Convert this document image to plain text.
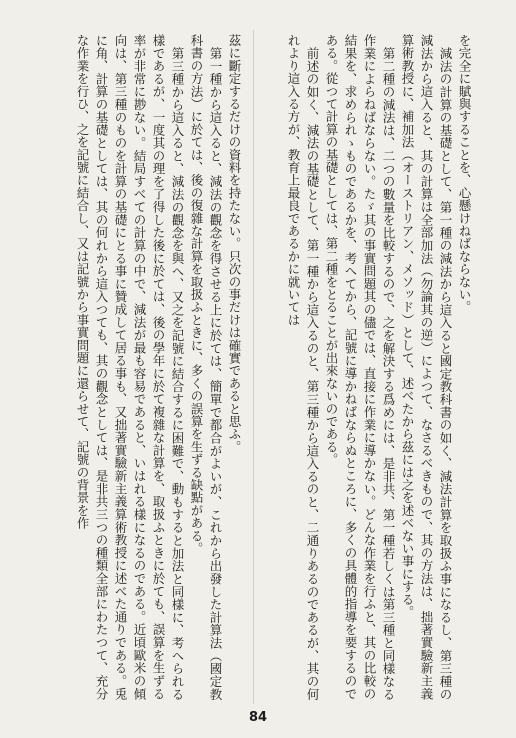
を完全に賦與することを、心懸けねばならない。

減法の計算の基礎として、第一種の減法から這入ると國定教科書の如く、減法計算を取扱ふ事になるし、第三種の減法から這入ると、其の計算は全部加法（勿論其の逆）によつて、なさるべきもので、其の方法は、拙著實驗新主義算術教授に、補加法（オーストリアン、メソッド）として、述べたから茲には之を述べない事にする。

第二種の減法は、二つの數量を比較するので、之を解決する爲めには、是非共、第一種若しくは第三種と同樣なる作業によらねばならない。たゞ其の事實問題其の儘では、直接に作業に導かない。どんな作業を行ふと、其の比較の結果を、求められゝものであるかを、考へてから、記號に導かねばならぬところに、多くの具體的指導を要するのである。從つて計算の基礎としては、第二種をとることが出來ないのである。

前述の如く、減法の基礎として、第一種から這入るのと、第三種から這入るのと、二通りあるのであるが、其の何れより這入る方が、教育上最良であるかに就いては

茲に斷定するだけの資料を持たない。只次の事だけは確實であると思ふ。

第一種から這入ると、減法の觀念を得させる上に於ては、簡單で都合がよいが、これから出發した計算法（國定教科書の方法）に於ては、後の復雜な計算を取扱ふときに、多くの誤算を生ずる缺點がある。

第三種から這入ると、減法の觀念を與へ、又之を記號に結合するに困難で、動もすると加法と同樣に、考へられる樣であるが、一度其の理を了得した後に於ては、後の學年に於て複雜な計算を、取扱ふときに於ても、誤算を生ずる率が非常に尠ない。結局すべての計算の中で、減法が最も容易であると、いはれる樣になるのである。近頃歐米の傾向は、第三種のものを計算の基礎にとる事に贊成して居る事も、又拙著實驗新主義算術教授に述べた通りである。兎に角、計算の基礎としては、其の何れから這入つても、其の觀念としては、是非共三つの種類全部にわたつて、充分な作業を行ひ、之を記號に結合し、又は記號から事實問題に還らせて、記號の背景を作

84
